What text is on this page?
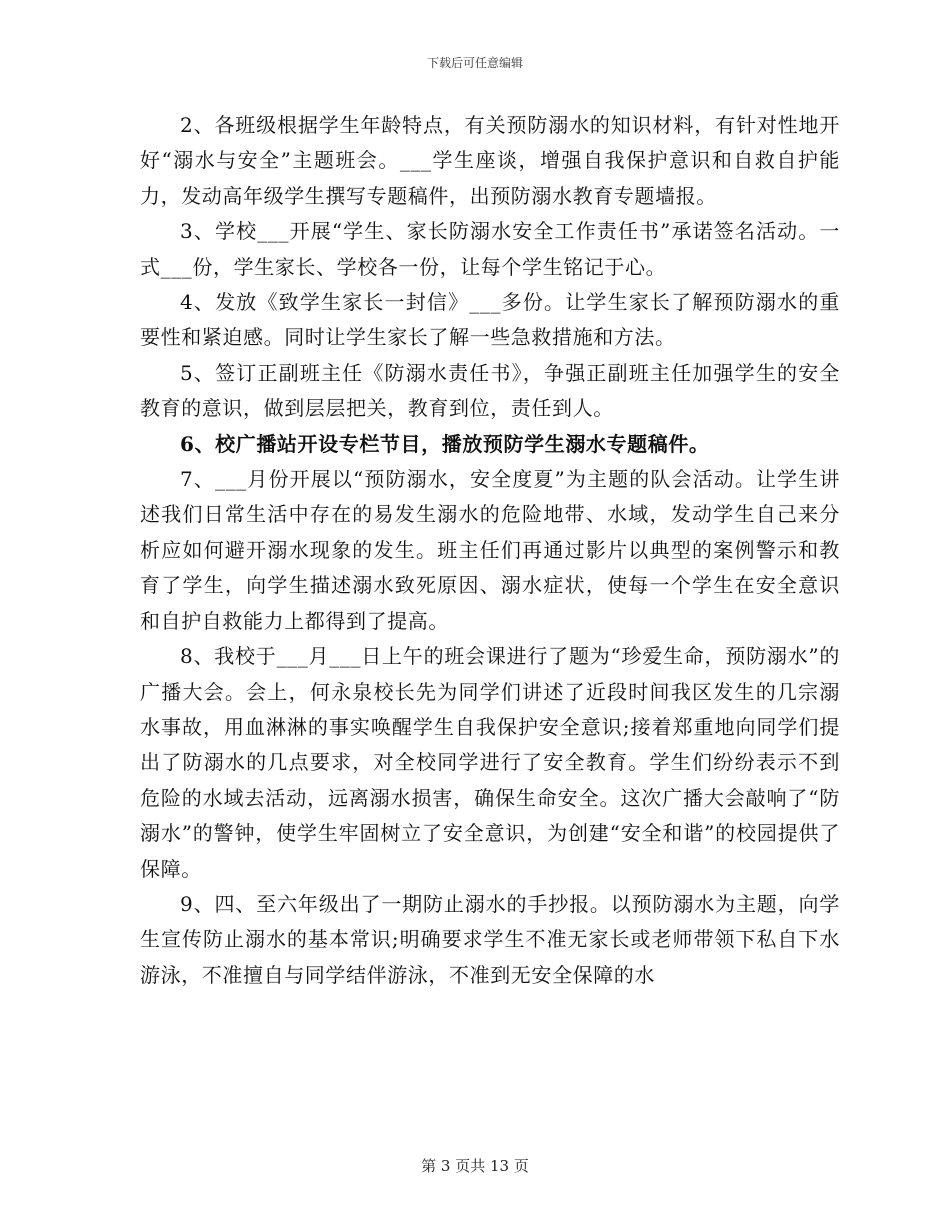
下载后可任意编辑

2、各班级根据学生年龄特点，有关预防溺水的知识材料，有针对性地开好“溺水与安全”主题班会。___学生座谈，增强自我保护意识和自救自护能力，发动高年级学生撰写专题稿件，出预防溺水教育专题墙报。

3、学校___开展“学生、家长防溺水安全工作责任书”承诺签名活动。一式___份，学生家长、学校各一份，让每个学生铭记于心。

4、发放《致学生家长一封信》___多份。让学生家长了解预防溺水的重要性和紧迫感。同时让学生家长了解一些急救措施和方法。

5、签订正副班主任《防溺水责任书》，争强正副班主任加强学生的安全教育的意识，做到层层把关，教育到位，责任到人。

6、校广播站开设专栏节目，播放预防学生溺水专题稿件。

7、___月份开展以“预防溺水，安全度夏”为主题的队会活动。让学生讲述我们日常生活中存在的易发生溺水的危险地带、水域，发动学生自己来分析应如何避开溺水现象的发生。班主任们再通过影片以典型的案例警示和教育了学生，向学生描述溺水致死原因、溺水症状，使每一个学生在安全意识和自护自救能力上都得到了提高。

8、我校于___月___日上午的班会课进行了题为“珍爱生命，预防溺水”的广播大会。会上，何永泉校长先为同学们讲述了近段时间我区发生的几宗溺水事故，用血淋淋的事实唤醒学生自我保护安全意识;接着郑重地向同学们提出了防溺水的几点要求，对全校同学进行了安全教育。学生们纷纷表示不到危险的水域去活动，远离溺水损害，确保生命安全。这次广播大会敲响了“防溺水”的警钟，使学生牢固树立了安全意识，为创建“安全和谐”的校园提供了保障。

9、四、至六年级出了一期防止溺水的手抄报。以预防溺水为主题，向学生宣传防止溺水的基本常识;明确要求学生不准无家长或老师带领下私自下水游泳，不准擅自与同学结伴游泳，不准到无安全保障的水

第 3 页共 13 页
